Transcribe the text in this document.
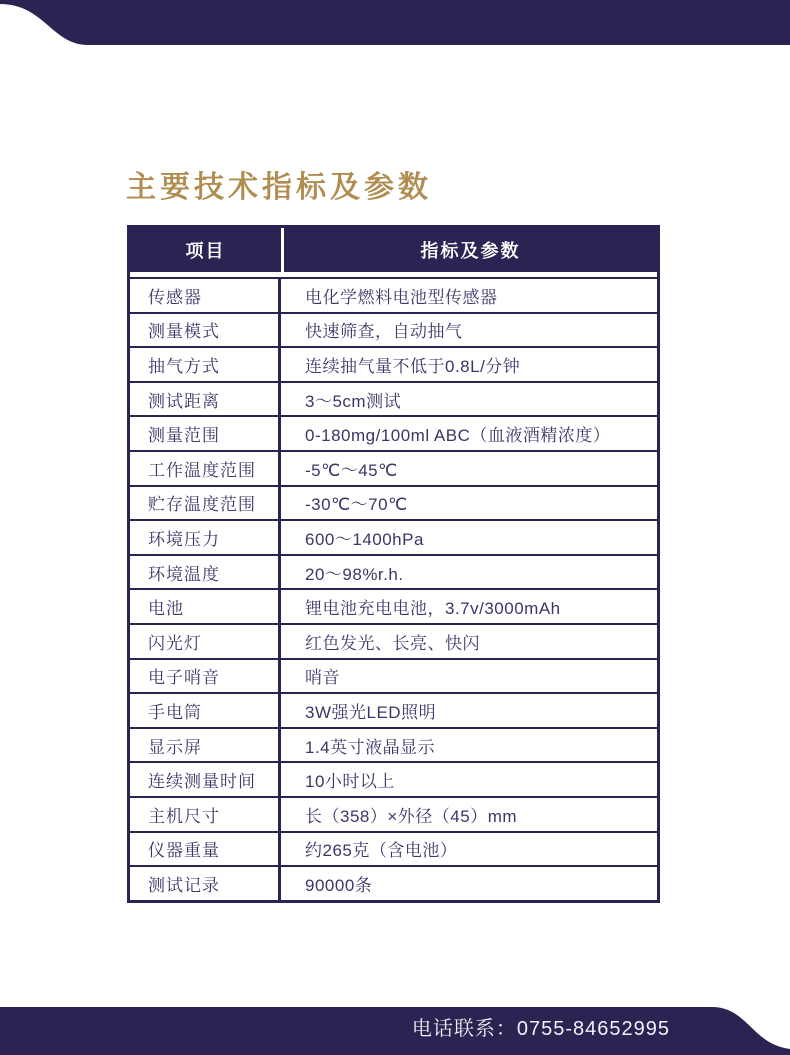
主要技术指标及参数
项目	指标及参数
传感器	电化学燃料电池型传感器
测量模式	快速筛查，自动抽气
抽气方式	连续抽气量不低于0.8L/分钟
测试距离	3～5cm测试
测量范围	0-180mg/100ml ABC（血液酒精浓度）
工作温度范围	-5℃～45℃
贮存温度范围	-30℃～70℃
环境压力	600～1400hPa
环境温度	20～98%r.h.
电池	锂电池充电电池，3.7v/3000mAh
闪光灯	红色发光、长亮、快闪
电子哨音	哨音
手电筒	3W强光LED照明
显示屏	1.4英寸液晶显示
连续测量时间	10小时以上
主机尺寸	长（358）×外径（45）mm
仪器重量	约265克（含电池）
测试记录	90000条
电话联系：0755-84652995
